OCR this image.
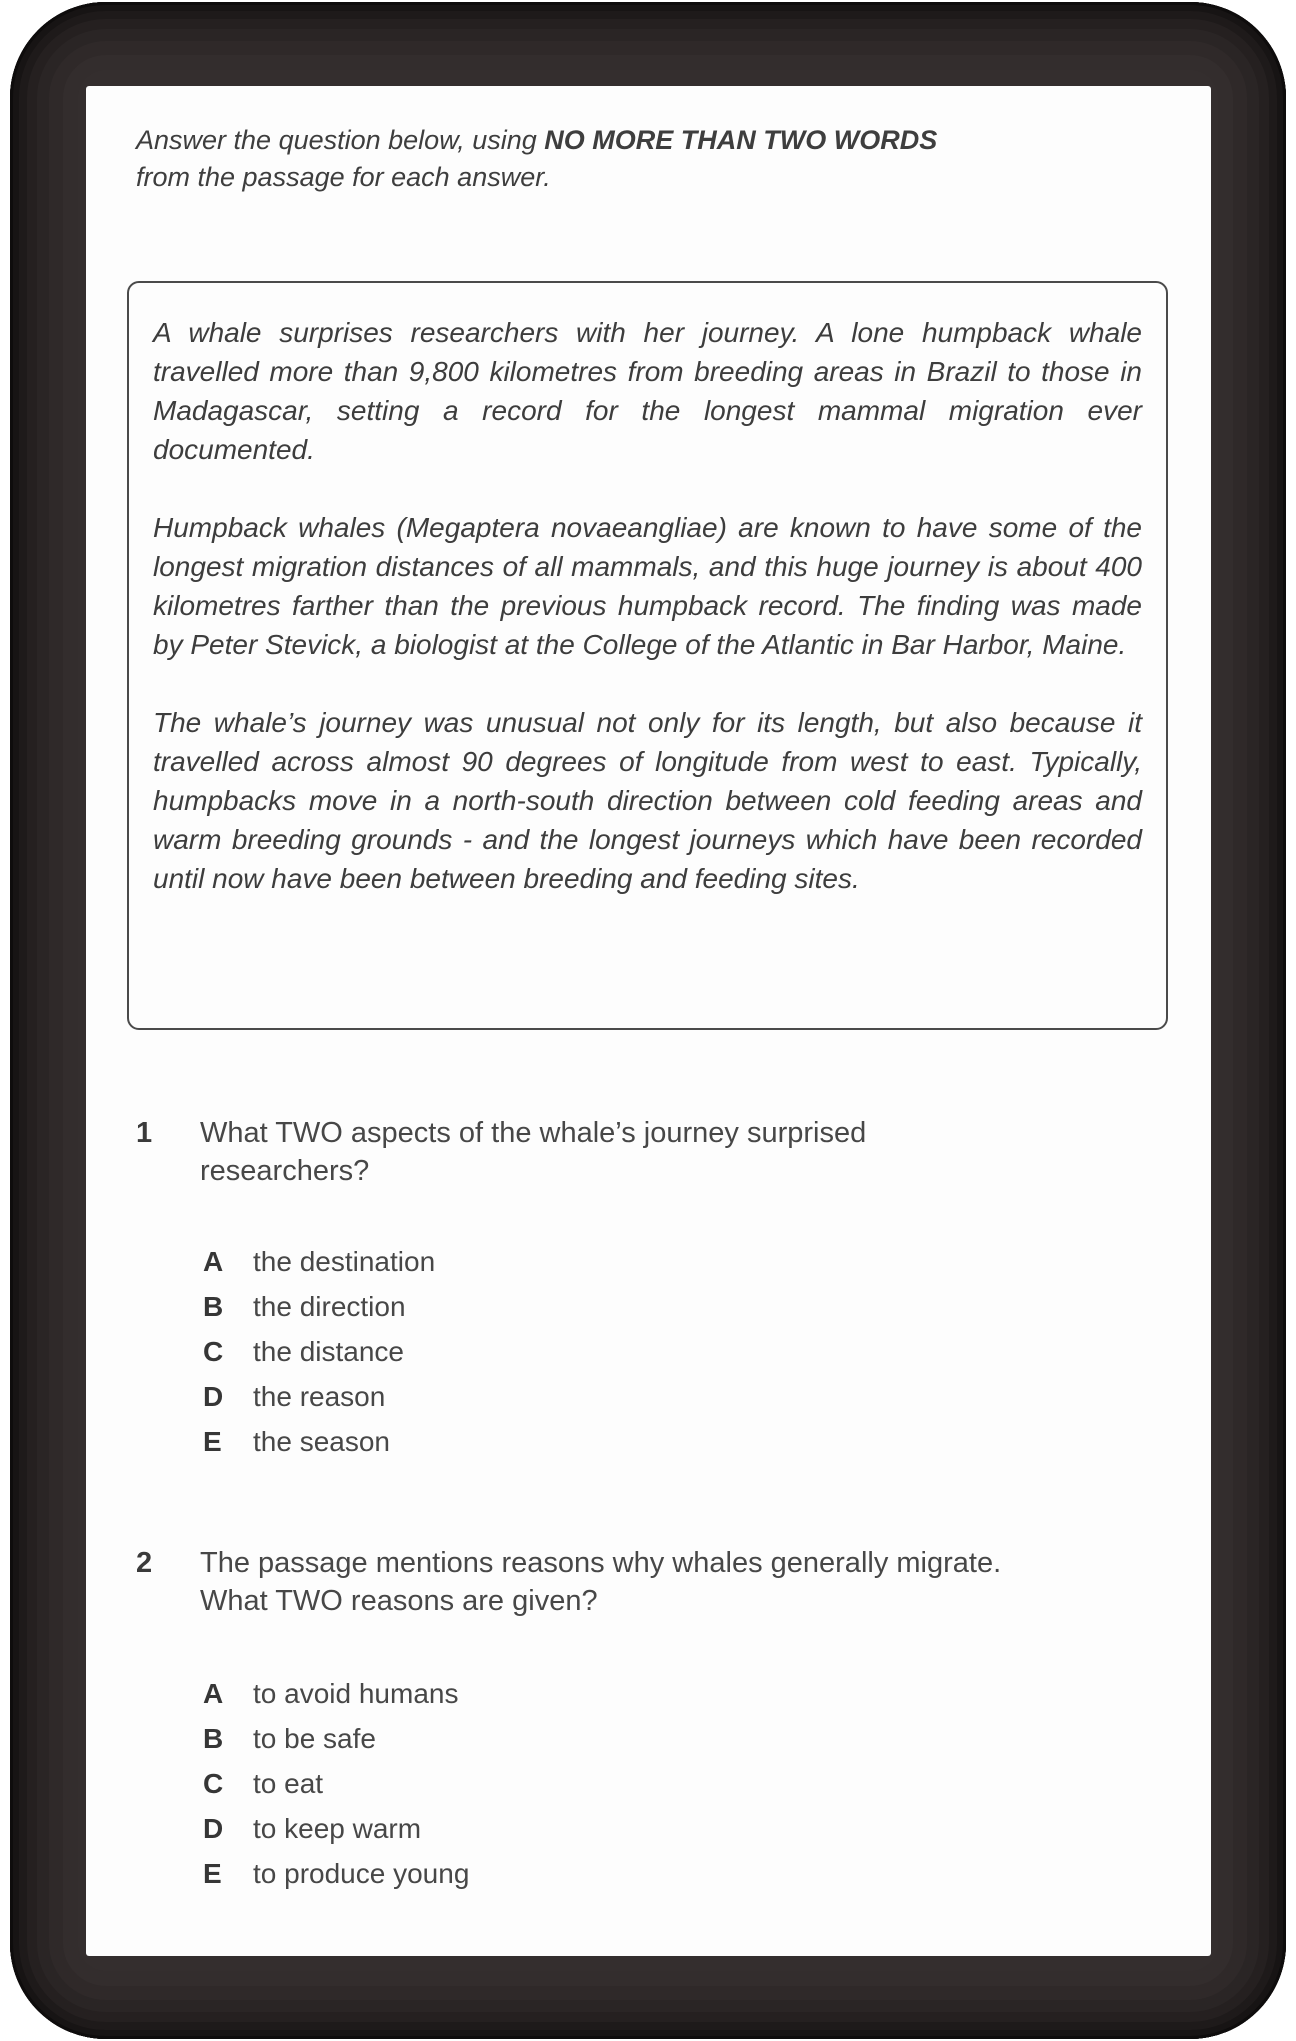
Answer the question below, using NO MORE THAN TWO WORDS
from the passage for each answer.

A whale surprises researchers with her journey. A lone humpback whale travelled more than 9,800 kilometres from breeding areas in Brazil to those in Madagascar, setting a record for the longest mammal migration ever documented.

Humpback whales (Megaptera novaeangliae) are known to have some of the longest migration distances of all mammals, and this huge journey is about 400 kilometres farther than the previous humpback record. The finding was made by Peter Stevick, a biologist at the College of the Atlantic in Bar Harbor, Maine.

The whale’s journey was unusual not only for its length, but also because it travelled across almost 90 degrees of longitude from west to east. Typically, humpbacks move in a north-south direction between cold feeding areas and warm breeding grounds - and the longest journeys which have been recorded until now have been between breeding and feeding sites.

1	What TWO aspects of the whale’s journey surprised
researchers?
A	the destination
B	the direction
C	the distance
D	the reason
E	the season
2	The passage mentions reasons why whales generally migrate.
What TWO reasons are given?
A	to avoid humans
B	to be safe
C	to eat
D	to keep warm
E	to produce young
